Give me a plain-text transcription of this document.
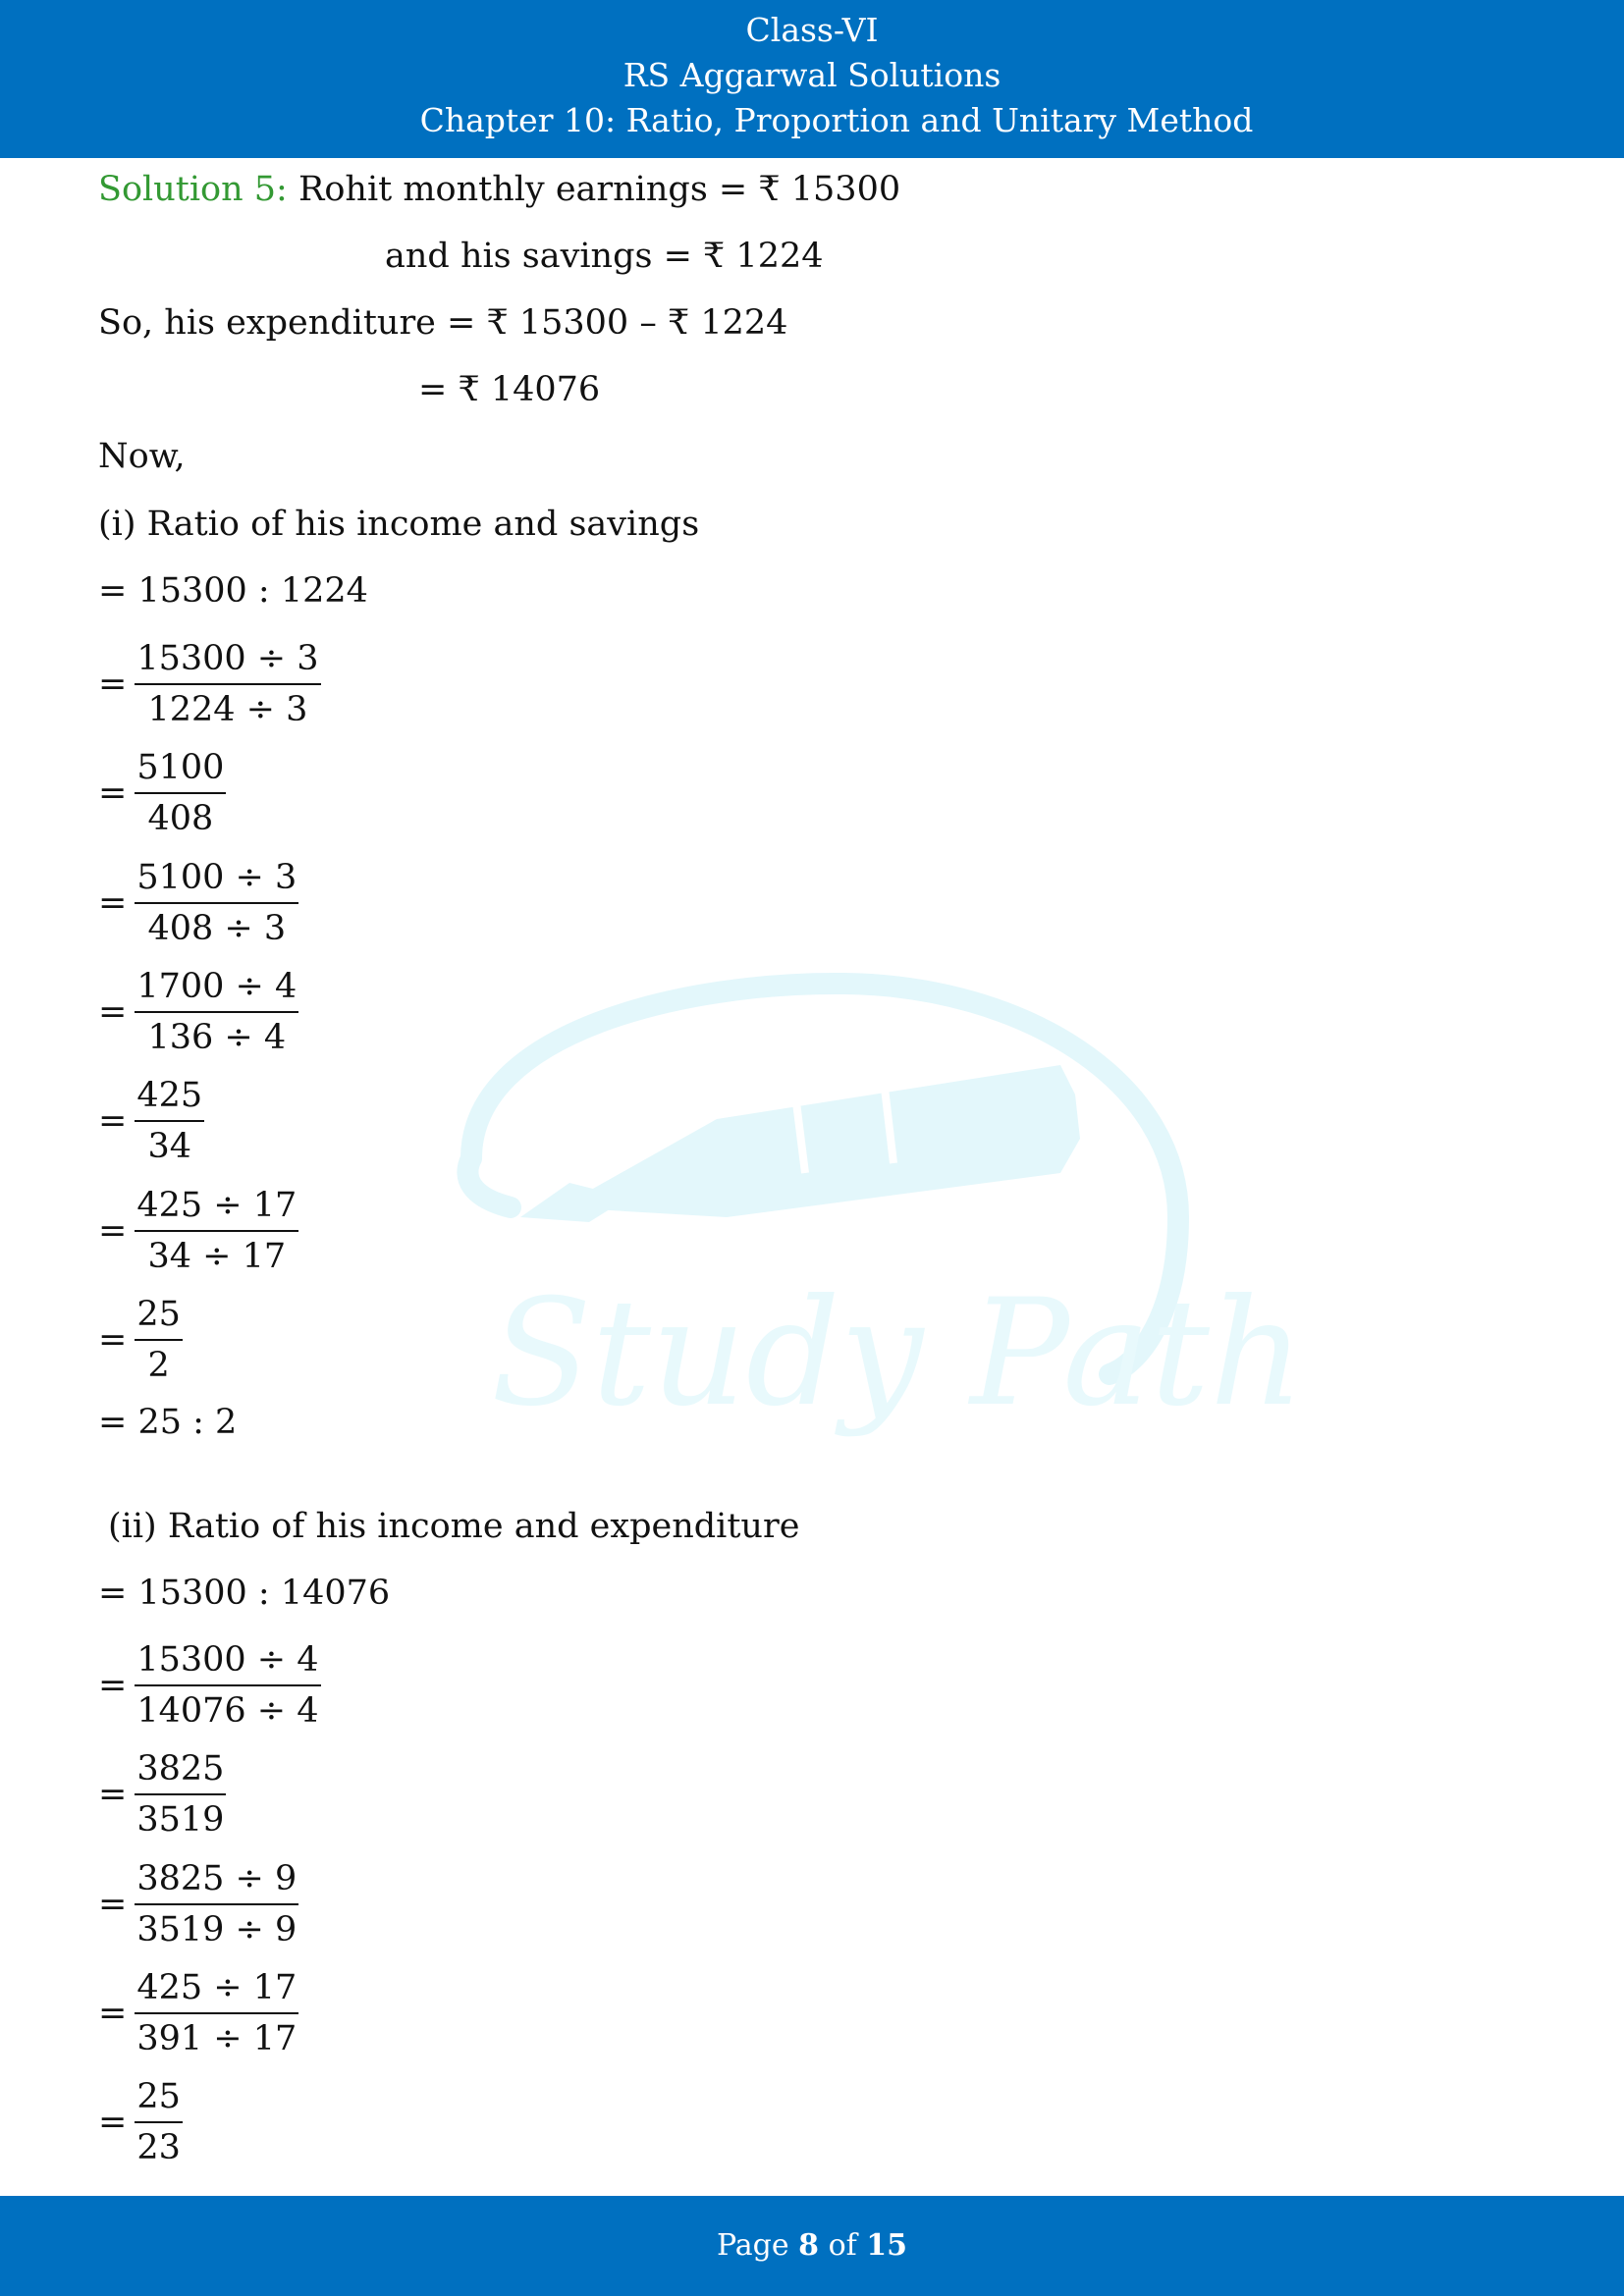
Class-VI
RS Aggarwal Solutions
Chapter 10: Ratio, Proportion and Unitary Method
Study Path
Solution 5: Rohit monthly earnings = ₹ 15300
and his savings = ₹ 1224
So, his expenditure = ₹ 15300 – ₹ 1224
= ₹ 14076
Now,
(i) Ratio of his income and savings
= 15300 : 1224
= $\frac{15300 \div 3}{1224 \div 3}$
= $\frac{5100}{408}$
= $\frac{5100 \div 3}{408 \div 3}$
= $\frac{1700 \div 4}{136 \div 4}$
= $\frac{425}{34}$
= $\frac{425 \div 17}{34 \div 17}$
= $\frac{25}{2}$
= 25 : 2
(ii) Ratio of his income and expenditure
= 15300 : 14076
= $\frac{15300 \div 4}{14076 \div 4}$
= $\frac{3825}{3519}$
= $\frac{3825 \div 9}{3519 \div 9}$
= $\frac{425 \div 17}{391 \div 17}$
= $\frac{25}{23}$
Page 8 of 15
